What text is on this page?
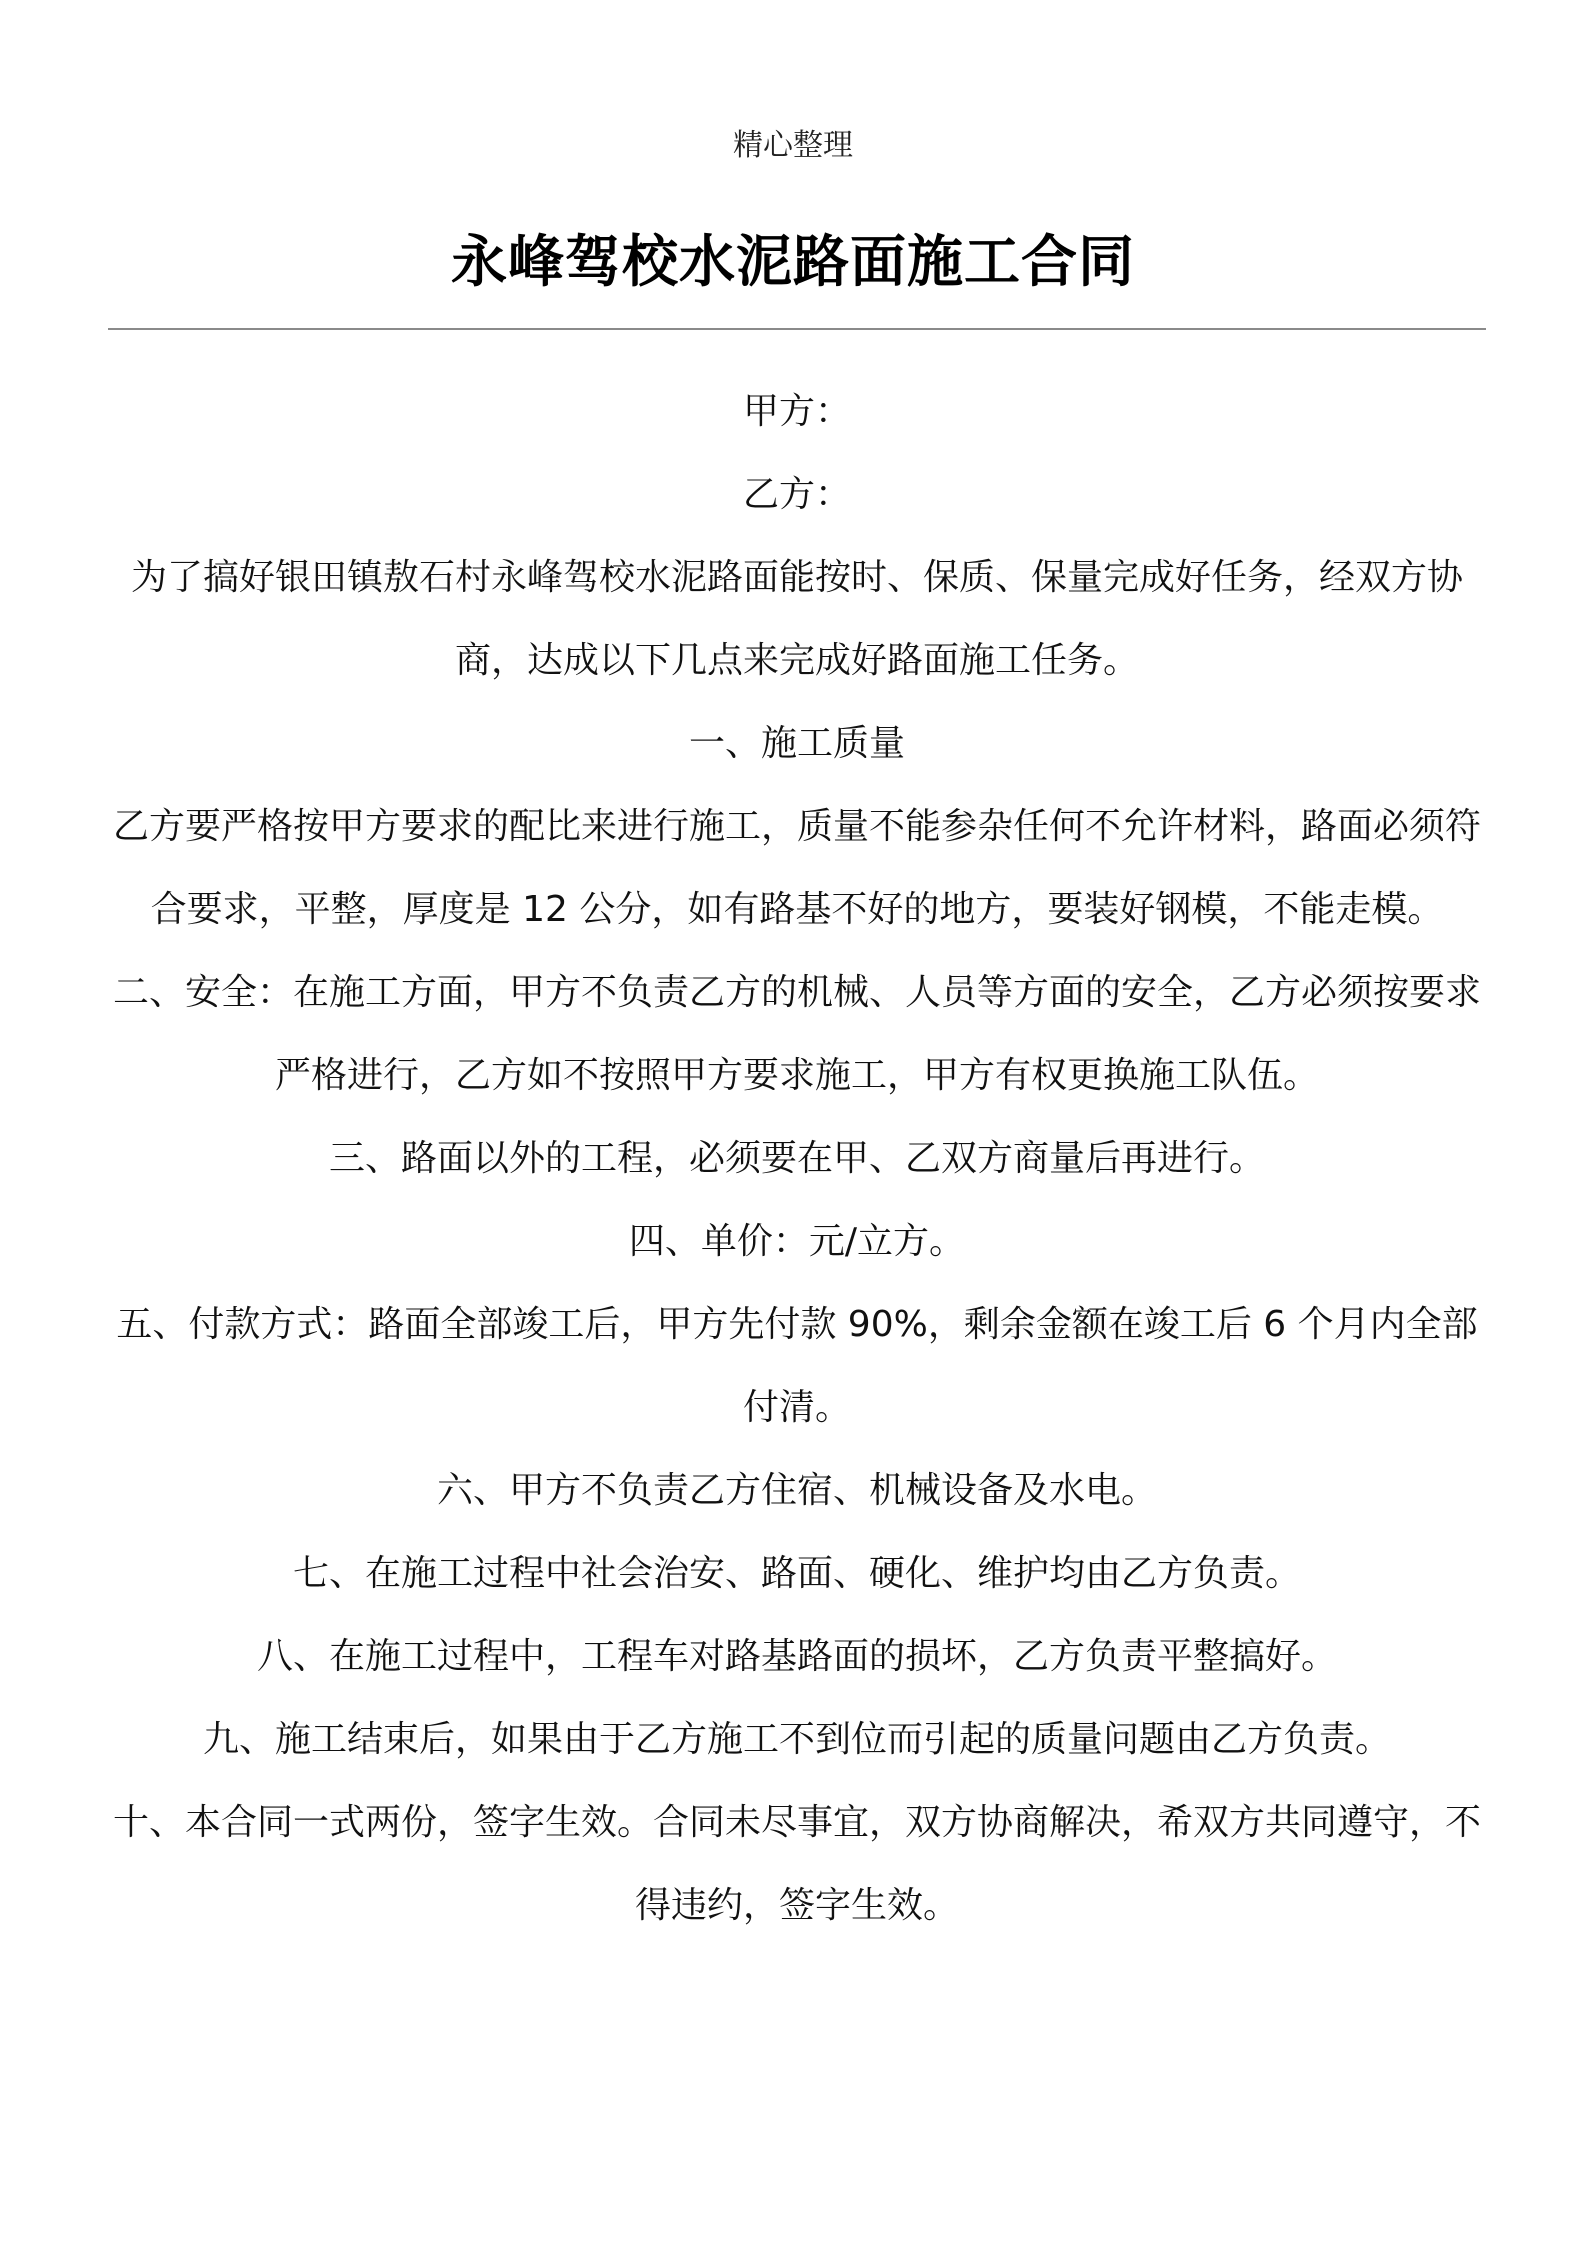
精心整理
永峰驾校水泥路面施工合同

甲方：

乙方：

为了搞好银田镇敖石村永峰驾校水泥路面能按时、保质、保量完成好任务，经双方协商，达成以下几点来完成好路面施工任务。

一、施工质量

乙方要严格按甲方要求的配比来进行施工，质量不能参杂任何不允许材料，路面必须符合要求，平整，厚度是 12 公分，如有路基不好的地方，要装好钢模，不能走模。

二、安全：在施工方面，甲方不负责乙方的机械、人员等方面的安全，乙方必须按要求严格进行，乙方如不按照甲方要求施工，甲方有权更换施工队伍。

三、路面以外的工程，必须要在甲、乙双方商量后再进行。

四、单价：元/立方。

五、付款方式：路面全部竣工后，甲方先付款 90%，剩余金额在竣工后 6 个月内全部付清。

六、甲方不负责乙方住宿、机械设备及水电。

七、在施工过程中社会治安、路面、硬化、维护均由乙方负责。

八、在施工过程中，工程车对路基路面的损坏，乙方负责平整搞好。

九、施工结束后，如果由于乙方施工不到位而引起的质量问题由乙方负责。

十、本合同一式两份，签字生效。合同未尽事宜，双方协商解决，希双方共同遵守，不得违约，签字生效。
